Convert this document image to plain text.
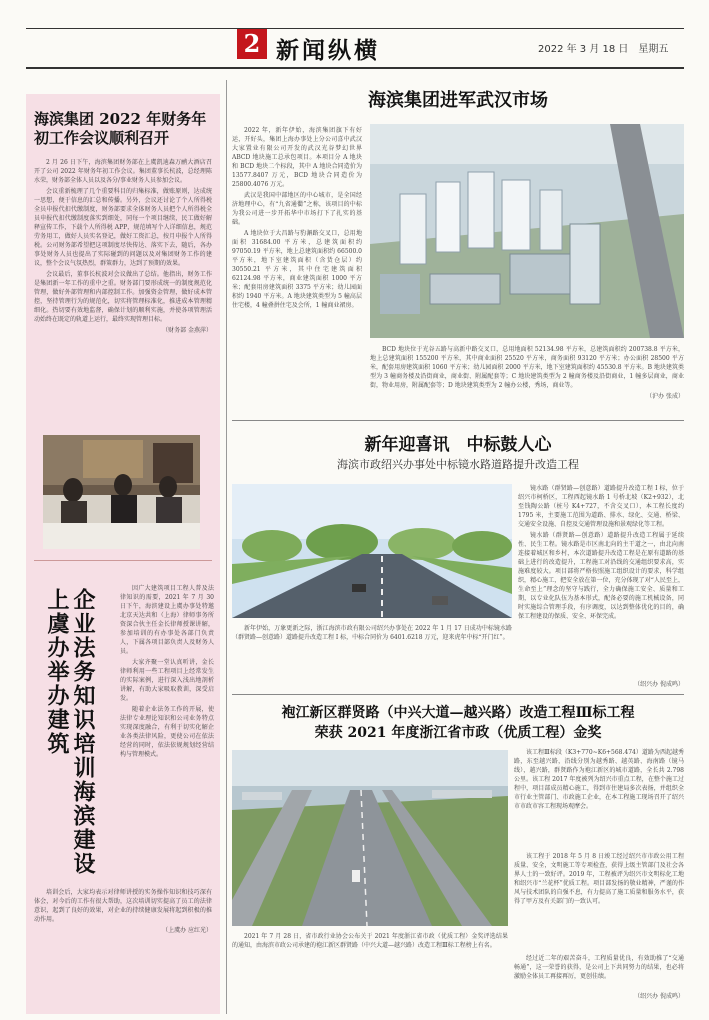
2 新闻纵横	2022 年 3 月 18 日　星期五
海滨集团 2022 年财务年初工作会议顺利召开

2 月 26 日下午，海滨集团财务部在上虞凯迪森万鹂大酒店召开了公司 2022 年财务年初工作会议。集团董事长杭波，总经理陈水荣，财务部全体人员以及各分/事业财务人员参加会议。

会议重新梳理了几个重要科目的归集标准，做账原则，达成统一思想，便于信息的汇总和传播。另外，会议还讨论了个人所得税全员申报代扣代缴制度，财务部要求全体财务人员把个人所得税全员申报代扣代缴制度落实到细处，同每一个项目继续，民工做好解释宣传工作，下载个人所得税 APP，规范填写个人详细信息，规范劳务用工，做好人员实名登记，做好工资汇总，按月申报个人所得税。公司财务部希望把这项制度尽快传达、落实下去，随后，各办事处财务人员也提出了实际碰到的问题以及对集团财务工作的建议，整个会议气氛热烈，群策群力，达到了预期的效果。

会议最后，董事长杭波对会议做出了总结。他指出，财务工作是集团新一年工作的重中之重。财务部门要形成统一的制度规范化管理，做好外部管理和内部控制工作。加强资金管理，做好成本管控，坚持管理行为的规范化，切实将管理标准化，推进成本管理精细化。热切要有效地监督，确保计划的顺利实施，并使各项管理活动始终在既定的轨道上运行，最终实现管理目标。

（财务部 金燕萍）

企业法务知识培训海滨建设上虞办举办建筑	因广大建筑项目工程人普及法律知识的需要，2021 年 7 月 30 日下午，海滨建设上虞办事处特邀北京天达共和（上海）律师事务所资深合伙主任金长律师授课讲解，参加培训的有办事处各部门负责人，下属各项目部负责人及财务人员。

大家齐聚一堂认真听讲，金长律师利用一些工程项目上经常发生的实际案例，进行深入浅出地剖析讲解，有助大家吸取教训，深受启发。

随着企业法务工作的开展，使法律专业理论知识和公司业务特点实现深度融合，有利于切实化解企业各类法律风险，更使公司在依法经营的同时，依法依规规划经营结构与管理模式。

培训会后，大家均表示对律师讲授的实务操作知识和技巧深有体会，对今后的工作有很大帮助，这次培训切实提高了员工的法律意识，起到了良好的效果，对企业的持续健康发展将起到积极的推动作用。

（上虞办 应红光）

海滨集团进军武汉市场

2022 年，新年伊始，海滨集团旗下有好运，开好头，集团上海办事处上分公司喜中武汉大家置业有限公司开发的武汉光谷梦幻世界 ABCD 地块施工总承包项目。本项目分 A 地块和 BCD 地块二个标段，其中 A 地块合同造价为 13577.8407 万元，BCD 地块合同造价为 25800.4076 万元。

武汉是我国中部地区的中心城市，是全国经济地理中心，有“九省通衢”之称，该项目的中标为我公司进一步开拓华中市场打下了扎实的基础。

A 地块位于大昌路与豹澥路交叉口，总用地面积 31684.00 平方米，总建筑面积约 97050.19 平方米，地上总建筑面积约 66500.0 平方米，地下室建筑面积（含货仓层）约 30550.21 平方米，其中住宅建筑面积 62124.98 平方米，商业建筑面积 1000 平方米；配套用房建筑面积 3375 平方米；幼儿园面积约 1940 平方米。A 地块建筑类型为 5 幢高层住宅楼，4 幢叠拼住宅及会所，1 幢商业裙房。

BCD 地块位于光谷五路与高新中路交叉口，总用地面积 52134.98 平方米，总建筑面积约 200738.8 平方米，地上总建筑面积 155200 平方米，其中商业面积 25520 平方米，商务面积 93120 平方米；办公面积 28500 平方米，配套用房建筑面积 1060 平方米；幼儿园面积 2000 平方米，地下室建筑面积约 45530.8 平方米。B 地块建筑类型为 3 幢商务楼及沿街商业，商业街、附属配套等；C 地块建筑类型为 2 幢商务楼及沿街商业，1 幢多层商业，商业街，物业用房，附属配套等；D 地块建筑类型为 2 幢办公楼，秀场，商业等。

（沪办 张成）

新年迎喜讯　中标鼓人心
海滨市政绍兴办事处中标镜水路道路提升改造工程

镜水路（群贤路—创意路）道路提升改造工程 I 标，位于绍兴市柯桥区，工程西起镜水路 1 号桥北坡（K2+932），北至钱陶公路（桩号 K4+727，不含交叉口），本工程长度约 1795 米，主要施工范围为道路、排水、绿化、交通、桥梁、交通安全设施、自控及交通管理设施和景观绿化等工程。

镜水路（群贤路—创意路）道路提升改造工程属于延续性、民生工程。镜水路是市区南北向的主干道之一，由北向南连接着城区和乡村，本次道路提升改造工程是在原有道路的基础上进行的改造提升，工程施工对沿线的交通组织要求高，实施难度较大。项目部将严格按照施工组织设计的要求，科学组织，精心施工，把安全放在第一位，充分体现了对“人民至上，生命至上”理念的坚守与践行，全力确保施工安全、质量和工期，以专业化队伍为基本形式，配备必要的施工机械设备，同时实施综合管理手段，有序调度，以达到整体优化的目的，确保工程建设的保质、安全、环保完成。

新年伊始，万象更新之际，浙江海滨市政有限公司绍兴办事处在 2022 年 1 月 17 日成功中标镜水路（群贤路—创意路）道路提升改造工程 I 标，中标合同价为 6401.6218 万元，迎来虎年中标“开门红”。

（绍兴办 倪成鸣）

袍江新区群贤路（中兴大道—越兴路）改造工程Ⅲ标工程
荣获 2021 年度浙江省市政（优质工程）金奖

2021 年 7 月 28 日，省市政行业协会公布关于 2021 年度浙江省市政（优质工程）金奖评选结果的通知，由海滨市政公司承建的袍江新区群贤路（中兴大道—越兴路）改造工程Ⅲ标工程榜上有名。

该工程Ⅲ标段（K3+770~K6+568.474）道路为西起越秀路，东至越兴路，沿线分别为越秀路、越英路、海南路（镜马线），越兴路，群贤路作为袍江新区的城市道路，全长共 2.798 公里。该工程 2017 年度被列为绍兴市重点工程，在整个施工过程中，项目部成员精心施工，得到市住建局多次表扬，并组织全市行业主管部门、市政施工企业，在本工程施工现场召开了绍兴市市政市容工程现场观摩会。

该工程于 2018 年 5 月 8 日竣工经过绍兴市市政公用工程质量、安全，文明施工等专项检查，获得上级主管部门及社会各界人士的一致好评。2019 年，工程被评为绍兴市文明标化工地和绍兴市“兰花杯”优质工程。项目部发扬的敬业精神，严谨的作风与技术团队的自强不息，有力提高了施工质量和服务水平，获得了甲方及有关部门的一致认可。

经过近二年的艰苦奋斗，工程质量优良，有效助推了“交通畅通”，这一荣誉的获得，是公司上下共同努力的结果，也必将激励全体员工再接再厉，更创佳绩。

（绍兴办 倪成鸣）
